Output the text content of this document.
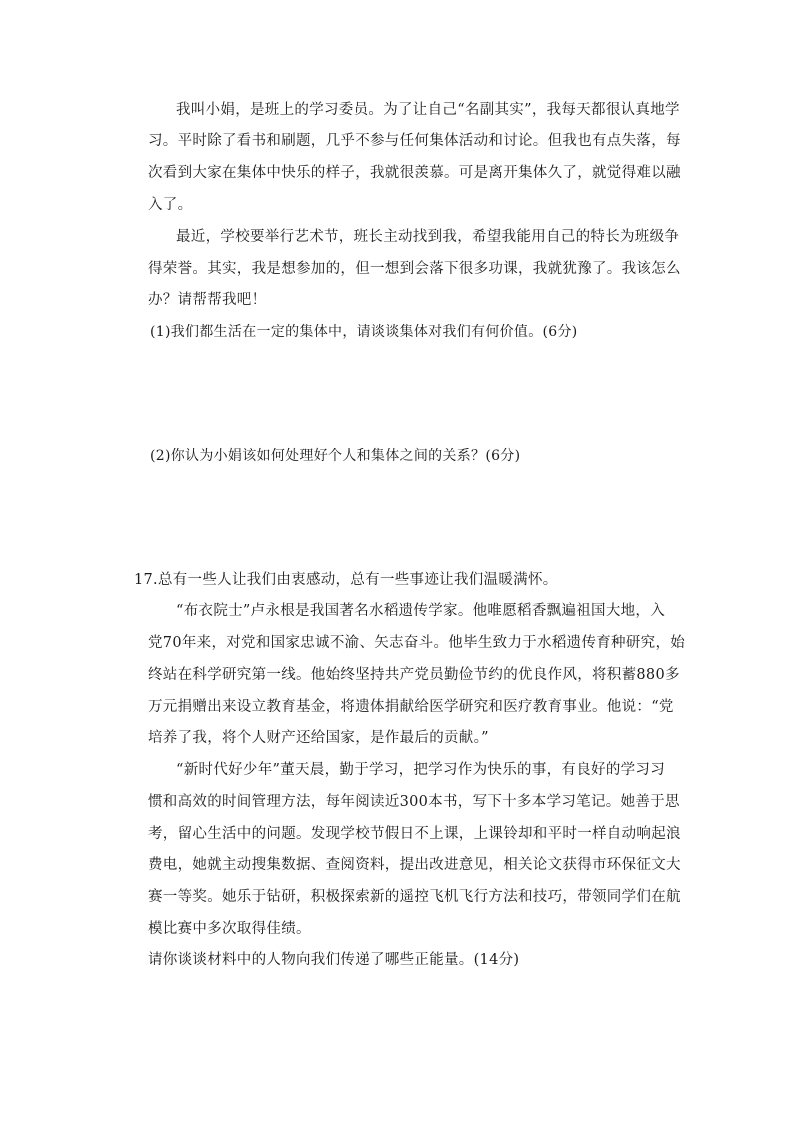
我叫小娟，是班上的学习委员。为了让自己“名副其实”，我每天都很认真地学
习。平时除了看书和刷题，几乎不参与任何集体活动和讨论。但我也有点失落，每
次看到大家在集体中快乐的样子，我就很羡慕。可是离开集体久了，就觉得难以融
入了。
最近，学校要举行艺术节，班长主动找到我，希望我能用自己的特长为班级争
得荣誉。其实，我是想参加的，但一想到会落下很多功课，我就犹豫了。我该怎么
办？请帮帮我吧！
(1)我们都生活在一定的集体中，请谈谈集体对我们有何价值。(6分)
(2)你认为小娟该如何处理好个人和集体之间的关系？(6分)
17.总有一些人让我们由衷感动，总有一些事迹让我们温暖满怀。
“布衣院士”卢永根是我国著名水稻遗传学家。他唯愿稻香飘遍祖国大地，入
党70年来，对党和国家忠诚不渝、矢志奋斗。他毕生致力于水稻遗传育种研究，始
终站在科学研究第一线。他始终坚持共产党员勤俭节约的优良作风，将积蓄880多
万元捐赠出来设立教育基金，将遗体捐献给医学研究和医疗教育事业。他说：“党
培养了我，将个人财产还给国家，是作最后的贡献。”
“新时代好少年”董天晨，勤于学习，把学习作为快乐的事，有良好的学习习
惯和高效的时间管理方法，每年阅读近300本书，写下十多本学习笔记。她善于思
考，留心生活中的问题。发现学校节假日不上课，上课铃却和平时一样自动响起浪
费电，她就主动搜集数据、查阅资料，提出改进意见，相关论文获得市环保征文大
赛一等奖。她乐于钻研，积极探索新的遥控飞机飞行方法和技巧，带领同学们在航
模比赛中多次取得佳绩。
请你谈谈材料中的人物向我们传递了哪些正能量。(14分)
